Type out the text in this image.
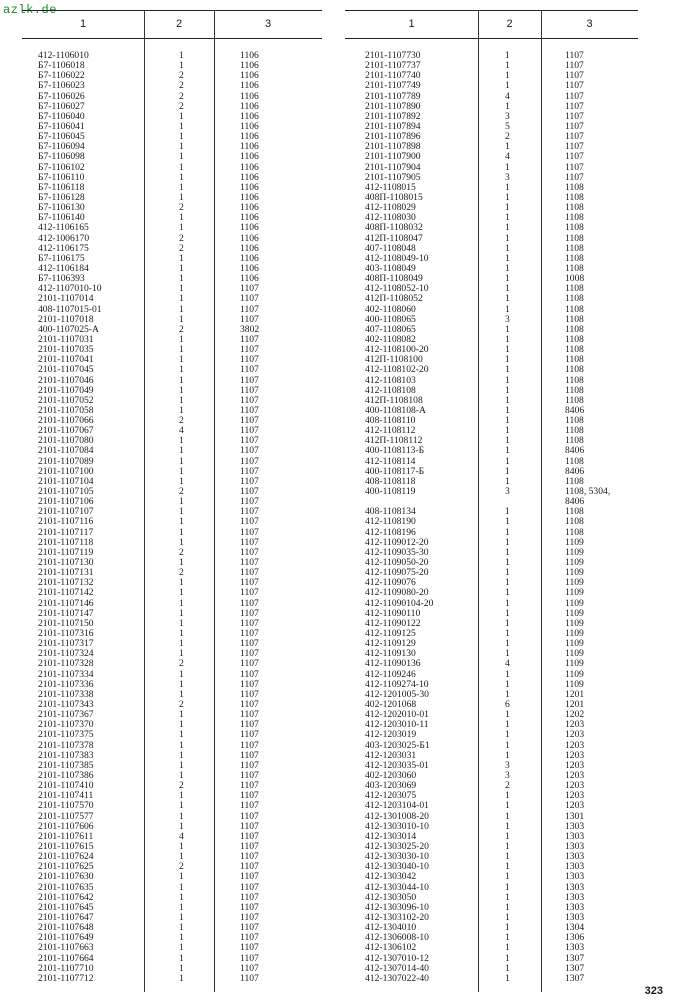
azlk.de
1	2	3
412-1106010	1	1106
Б7-1106018	1	1106
Б7-1106022	2	1106
Б7-1106023	2	1106
Б7-1106026	2	1106
Б7-1106027	2	1106
Б7-1106040	1	1106
Б7-1106041	1	1106
Б7-1106045	1	1106
Б7-1106094	1	1106
Б7-1106098	1	1106
Б7-1106102	1	1106
Б7-1106110	1	1106
Б7-1106118	1	1106
Б7-1106128	1	1106
Б7-1106130	2	1106
Б7-1106140	1	1106
412-1106165	1	1106
412-1006170	2	1106
412-1106175	2	1106
Б7-1106175	1	1106
412-1106184	1	1106
Б7-1106393	1	1106
412-1107010-10	1	1107
2101-1107014	1	1107
408-1107015-01	1	1107
2101-1107018	1	1107
400-1107025-А	2	3802
2101-1107031	1	1107
2101-1107035	1	1107
2101-1107041	1	1107
2101-1107045	1	1107
2101-1107046	1	1107
2101-1107049	1	1107
2101-1107052	1	1107
2101-1107058	1	1107
2101-1107066	2	1107
2101-1107067	4	1107
2101-1107080	1	1107
2101-1107084	1	1107
2101-1107089	1	1107
2101-1107100	1	1107
2101-1107104	1	1107
2101-1107105	2	1107
2101-1107106	1	1107
2101-1107107	1	1107
2101-1107116	1	1107
2101-1107117	1	1107
2101-1107118	1	1107
2101-1107119	2	1107
2101-1107130	1	1107
2101-1107131	2	1107
2101-1107132	1	1107
2101-1107142	1	1107
2101-1107146	1	1107
2101-1107147	1	1107
2101-1107150	1	1107
2101-1107316	1	1107
2101-1107317	1	1107
2101-1107324	1	1107
2101-1107328	2	1107
2101-1107334	1	1107
2101-1107336	1	1107
2101-1107338	1	1107
2101-1107343	2	1107
2101-1107367	1	1107
2101-1107370	1	1107
2101-1107375	1	1107
2101-1107378	1	1107
2101-1107383	1	1107
2101-1107385	1	1107
2101-1107386	1	1107
2101-1107410	2	1107
2101-1107411	1	1107
2101-1107570	1	1107
2101-1107577	1	1107
2101-1107606	1	1107
2101-1107611	4	1107
2101-1107615	1	1107
2101-1107624	1	1107
2101-1107625	2	1107
2101-1107630	1	1107
2101-1107635	1	1107
2101-1107642	1	1107
2101-1107645	1	1107
2101-1107647	1	1107
2101-1107648	1	1107
2101-1107649	1	1107
2101-1107663	1	1107
2101-1107664	1	1107
2101-1107710	1	1107
2101-1107712	1	1107
1	2	3
2101-1107730	1	1107
2101-1107737	1	1107
2101-1107740	1	1107
2101-1107749	1	1107
2101-1107789	4	1107
2101-1107890	1	1107
2101-1107892	3	1107
2101-1107894	5	1107
2101-1107896	2	1107
2101-1107898	1	1107
2101-1107900	4	1107
2101-1107904	1	1107
2101-1107905	3	1107
412-1108015	1	1108
408П-1108015	1	1108
412-1108029	1	1108
412-1108030	1	1108
408П-1108032	1	1108
412П-1108047	1	1108
407-1108048	1	1108
412-1108049-10	1	1108
403-1108049	1	1108
408П-1108049	1	1008
412-1108052-10	1	1108
412П-1108052	1	1108
402-1108060	1	1108
400-1108065	3	1108
407-1108065	1	1108
402-1108082	1	1108
412-1108100-20	1	1108
412П-1108100	1	1108
412-1108102-20	1	1108
412-1108103	1	1108
412-1108108	1	1108
412П-1108108	1	1108
400-1108108-А	1	8406
408-1108110	1	1108
412-1108112	1	1108
412П-1108112	1	1108
400-1108113-Б	1	8406
412-1108114	1	1108
400-1108117-Б	1	8406
408-1108118	1	1108
400-1108119	3	1108, 5304,
8406
408-1108134	1	1108
412-1108190	1	1108
412-1108196	1	1108
412-1109012-20	1	1109
412-1109035-30	1	1109
412-1109050-20	1	1109
412-1109075-20	1	1109
412-1109076	1	1109
412-1109080-20	1	1109
412-11090104-20	1	1109
412-11090110	1	1109
412-11090122	1	1109
412-1109125	1	1109
412-1109129	1	1109
412-1109130	1	1109
412-11090136	4	1109
412-1109246	1	1109
412-1109274-10	1	1109
412-1201005-30	1	1201
402-1201068	6	1201
412-1202010-01	1	1202
412-1203010-11	1	1203
412-1203019	1	1203
403-1203025-Б1	1	1203
412-1203031	1	1203
412-1203035-01	3	1203
402-1203060	3	1203
403-1203069	2	1203
412-1203075	1	1203
412-1203104-01	1	1203
412-1301008-20	1	1301
412-1303010-10	1	1303
412-1303014	1	1303
412-1303025-20	1	1303
412-1303030-10	1	1303
412-1303040-10	1	1303
412-1303042	1	1303
412-1303044-10	1	1303
412-1303050	1	1303
412-1303096-10	1	1303
412-1303102-20	1	1303
412-1304010	1	1304
412-1306008-10	1	1306
412-1306102	1	1303
412-1307010-12	1	1307
412-1307014-40	1	1307
412-1307022-40	1	1307
323
